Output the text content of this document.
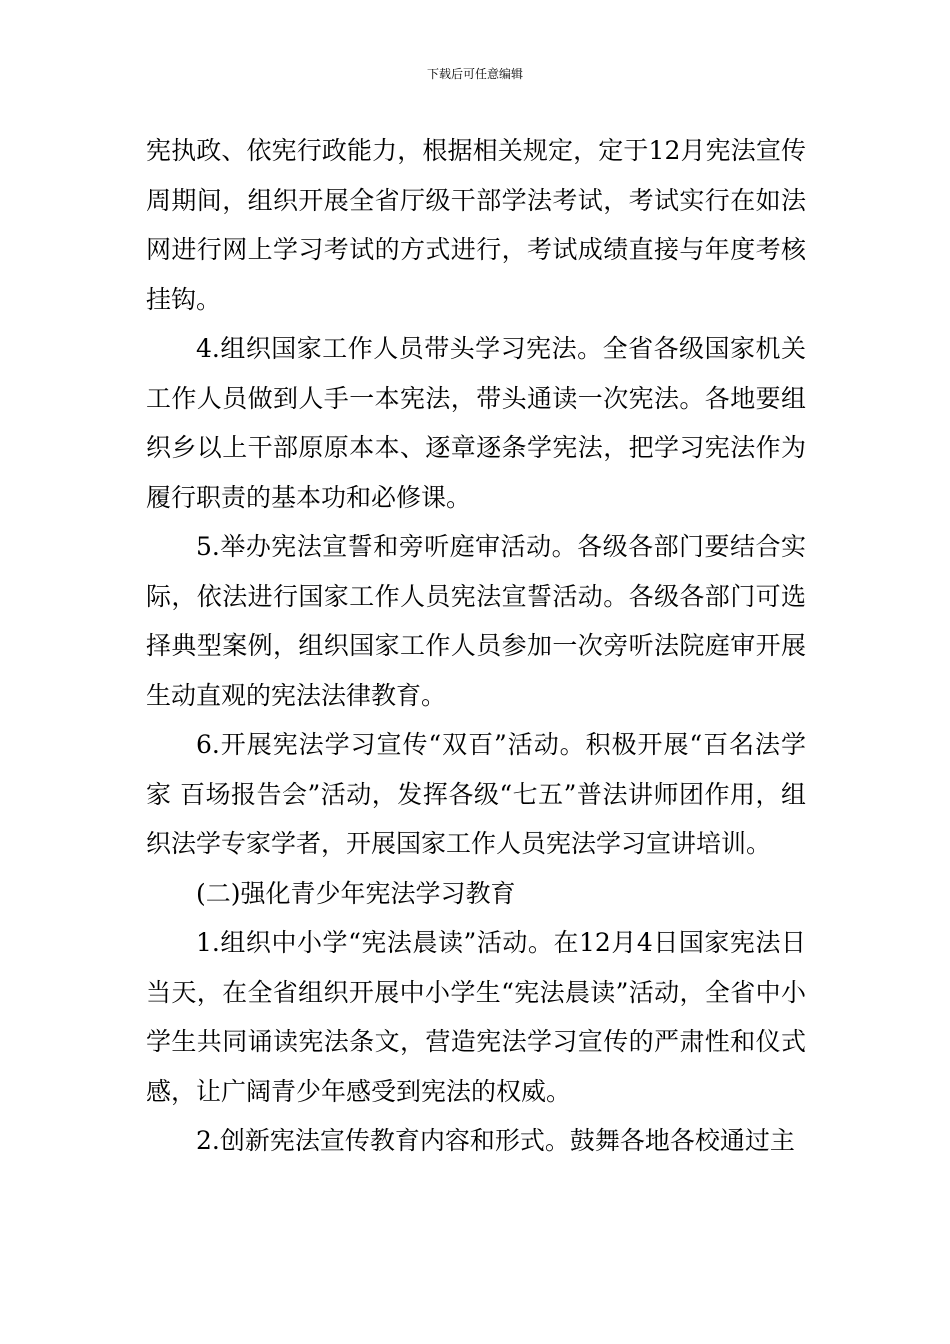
下载后可任意编辑

宪执政、依宪行政能力，根据相关规定，定于12月宪法宣传周期间，组织开展全省厅级干部学法考试，考试实行在如法网进行网上学习考试的方式进行，考试成绩直接与年度考核挂钩。

4.组织国家工作人员带头学习宪法。全省各级国家机关工作人员做到人手一本宪法，带头通读一次宪法。各地要组织乡以上干部原原本本、逐章逐条学宪法，把学习宪法作为履行职责的基本功和必修课。

5.举办宪法宣誓和旁听庭审活动。各级各部门要结合实际，依法进行国家工作人员宪法宣誓活动。各级各部门可选择典型案例，组织国家工作人员参加一次旁听法院庭审开展生动直观的宪法法律教育。

6.开展宪法学习宣传“双百”活动。积极开展“百名法学家 百场报告会”活动，发挥各级“七五”普法讲师团作用，组织法学专家学者，开展国家工作人员宪法学习宣讲培训。

(二)强化青少年宪法学习教育

1.组织中小学“宪法晨读”活动。在12月4日国家宪法日当天，在全省组织开展中小学生“宪法晨读”活动，全省中小学生共同诵读宪法条文，营造宪法学习宣传的严肃性和仪式感，让广阔青少年感受到宪法的权威。

2.创新宪法宣传教育内容和形式。鼓舞各地各校通过主
